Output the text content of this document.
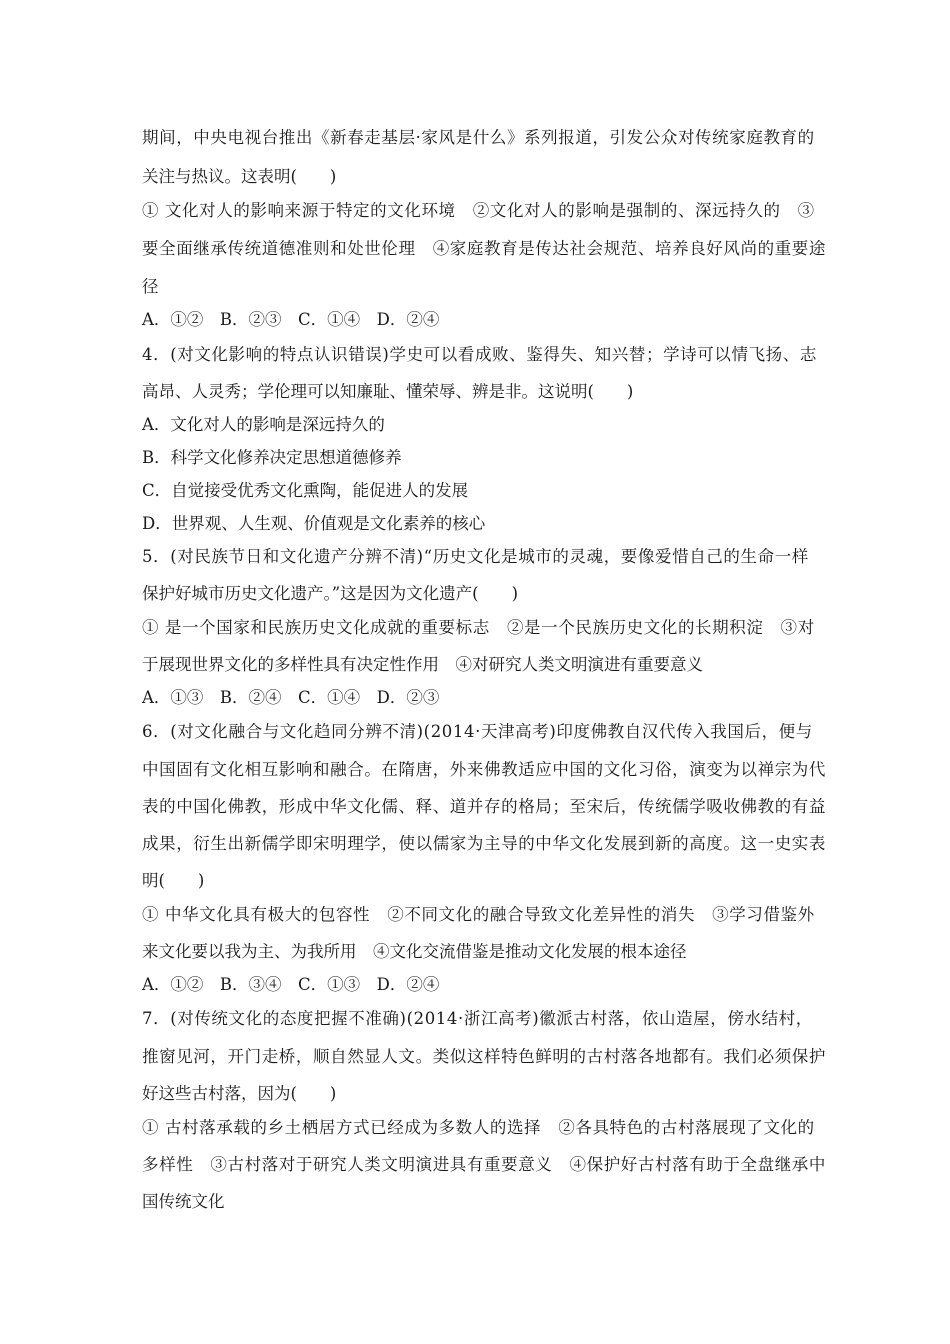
期间，中央电视台推出《新春走基层·家风是什么》系列报道，引发公众对传统家庭教育的
关注与热议。这表明(　　)
① 文化对人的影响来源于特定的文化环境　②文化对人的影响是强制的、深远持久的　③
要全面继承传统道德准则和处世伦理　④家庭教育是传达社会规范、培养良好风尚的重要途
径
A．①②　B．②③　C．①④　D．②④
4．(对文化影响的特点认识错误)学史可以看成败、鉴得失、知兴替；学诗可以情飞扬、志
高昂、人灵秀；学伦理可以知廉耻、懂荣辱、辨是非。这说明(　　)
A．文化对人的影响是深远持久的
B．科学文化修养决定思想道德修养
C．自觉接受优秀文化熏陶，能促进人的发展
D．世界观、人生观、价值观是文化素养的核心
5．(对民族节日和文化遗产分辨不清)“历史文化是城市的灵魂，要像爱惜自己的生命一样
保护好城市历史文化遗产。”这是因为文化遗产(　　)
① 是一个国家和民族历史文化成就的重要标志　②是一个民族历史文化的长期积淀　③对
于展现世界文化的多样性具有决定性作用　④对研究人类文明演进有重要意义
A．①③　B．②④　C．①④　D．②③
6．(对文化融合与文化趋同分辨不清)(2014·天津高考)印度佛教自汉代传入我国后，便与
中国固有文化相互影响和融合。在隋唐，外来佛教适应中国的文化习俗，演变为以禅宗为代
表的中国化佛教，形成中华文化儒、释、道并存的格局；至宋后，传统儒学吸收佛教的有益
成果，衍生出新儒学即宋明理学，使以儒家为主导的中华文化发展到新的高度。这一史实表
明(　　)
① 中华文化具有极大的包容性　②不同文化的融合导致文化差异性的消失　③学习借鉴外
来文化要以我为主、为我所用　④文化交流借鉴是推动文化发展的根本途径
A．①②　B．③④　C．①③　D．②④
7．(对传统文化的态度把握不准确)(2014·浙江高考)徽派古村落，依山造屋，傍水结村，
推窗见河，开门走桥，顺自然显人文。类似这样特色鲜明的古村落各地都有。我们必须保护
好这些古村落，因为(　　)
① 古村落承载的乡土栖居方式已经成为多数人的选择　②各具特色的古村落展现了文化的
多样性　③古村落对于研究人类文明演进具有重要意义　④保护好古村落有助于全盘继承中
国传统文化
